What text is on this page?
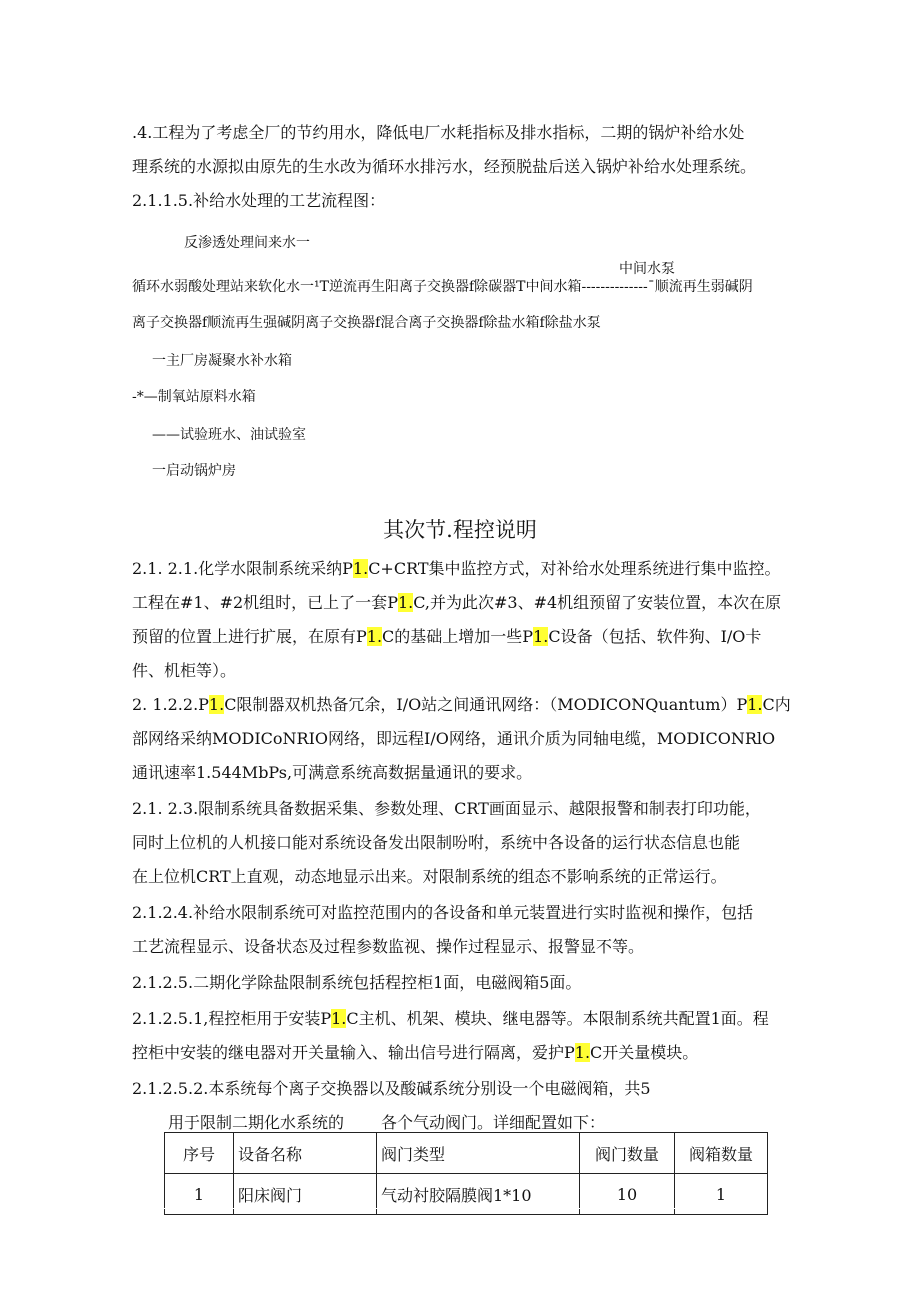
.4.工程为了考虑全厂的节约用水，降低电厂水耗指标及排水指标，二期的锅炉补给水处
理系统的水源拟由原先的生水改为循环水排污水，经预脱盐后送入锅炉补给水处理系统。
2.1.1.5.补给水处理的工艺流程图：
反渗透处理间来水一
中间水泵
循环水弱酸处理站来软化水一¹T逆流再生阳离子交换器f除碳器T中间水箱--------------ˉ顺流再生弱碱阴
离子交换器f顺流再生强碱阴离子交换器f混合离子交换器f除盐水箱f除盐水泵
一主厂房凝聚水补水箱
-*—制氧站原料水箱
——试验班水、油试验室
一启动锅炉房
其次节.程控说明
2.1. 2.1.化学水限制系统采纳P1.C+CRT集中监控方式，对补给水处理系统进行集中监控。
工程在#1、#2机组时，已上了一套P1.C,并为此次#3、#4机组预留了安装位置，本次在原
预留的位置上进行扩展，在原有P1.C的基础上增加一些P1.C设备（包括、软件狗、I/O卡
件、机柜等）。
2. 1.2.2.P1.C限制器双机热备冗余，I/O站之间通讯网络：（MODICONQuantum）P1.C内
部网络采纳MODICoNRIO网络，即远程I/O网络，通讯介质为同轴电缆，MODICONRlO
通讯速率1.544MbPs,可满意系统高数据量通讯的要求。
2.1. 2.3.限制系统具备数据采集、参数处理、CRT画面显示、越限报警和制表打印功能，
同时上位机的人机接口能对系统设备发出限制吩咐，系统中各设备的运行状态信息也能
在上位机CRT上直观，动态地显示出来。对限制系统的组态不影响系统的正常运行。
2.1.2.4.补给水限制系统可对监控范围内的各设备和单元装置进行实时监视和操作，包括
工艺流程显示、设备状态及过程参数监视、操作过程显示、报警显不等。
2.1.2.5.二期化学除盐限制系统包括程控柜1面，电磁阀箱5面。
2.1.2.5.1,程控柜用于安装P1.C主机、机架、模块、继电器等。本限制系统共配置1面。程
控柜中安装的继电器对开关量输入、输出信号进行隔离，爱护P1.C开关量模块。
2.1.2.5.2.本系统每个离子交换器以及酸碱系统分别设一个电磁阀箱，共5
用于限制二期化水系统的 各个气动阀门。详细配置如下：
序号	设备名称	阀门类型	阀门数量	阀箱数量
1	阳床阀门	气动衬胶隔膜阀1*10	10	1
